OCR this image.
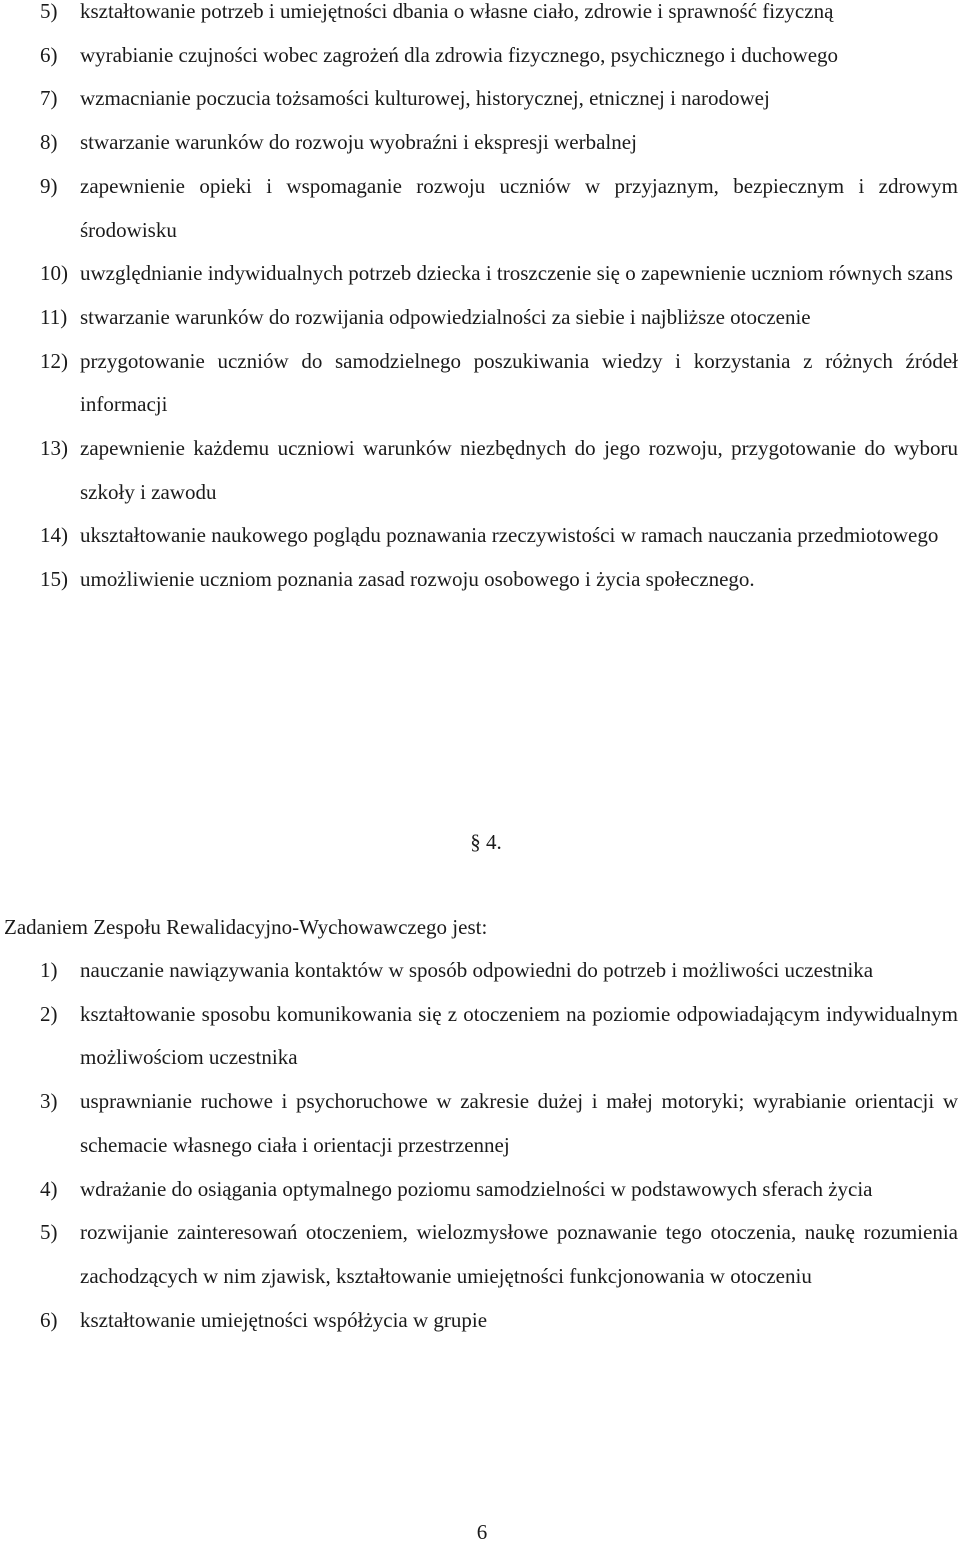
5) kształtowanie potrzeb i umiejętności dbania o własne ciało, zdrowie i sprawność fizyczną
6) wyrabianie czujności wobec zagrożeń dla zdrowia fizycznego, psychicznego i duchowego
7) wzmacnianie poczucia tożsamości kulturowej, historycznej, etnicznej i narodowej
8) stwarzanie warunków do rozwoju wyobraźni i ekspresji werbalnej
9) zapewnienie opieki i wspomaganie rozwoju uczniów w przyjaznym, bezpiecznym i zdrowym środowisku
10) uwzględnianie indywidualnych potrzeb dziecka i troszczenie się o zapewnienie uczniom równych szans
11) stwarzanie warunków do rozwijania odpowiedzialności za siebie i najbliższe otoczenie
12) przygotowanie uczniów do samodzielnego poszukiwania wiedzy i korzystania z różnych źródeł informacji
13) zapewnienie każdemu uczniowi warunków niezbędnych do jego rozwoju, przygotowanie do wyboru szkoły i zawodu
14) ukształtowanie naukowego poglądu poznawania rzeczywistości w ramach nauczania przedmiotowego
15) umożliwienie uczniom poznania zasad rozwoju osobowego i życia społecznego.
§ 4.
Zadaniem Zespołu Rewalidacyjno-Wychowawczego jest:
1) nauczanie nawiązywania kontaktów w sposób odpowiedni do potrzeb i możliwości uczestnika
2) kształtowanie sposobu komunikowania się z otoczeniem na poziomie odpowiadającym indywidualnym możliwościom uczestnika
3) usprawnianie ruchowe i psychoruchowe w zakresie dużej i małej motoryki; wyrabianie orientacji w schemacie własnego ciała i orientacji przestrzennej
4) wdrażanie do osiągania optymalnego poziomu samodzielności w podstawowych sferach życia
5) rozwijanie zainteresowań otoczeniem, wielozmysłowe poznawanie tego otoczenia, naukę rozumienia zachodzących w nim zjawisk, kształtowanie umiejętności funkcjonowania w otoczeniu
6) kształtowanie umiejętności współżycia w grupie
6
